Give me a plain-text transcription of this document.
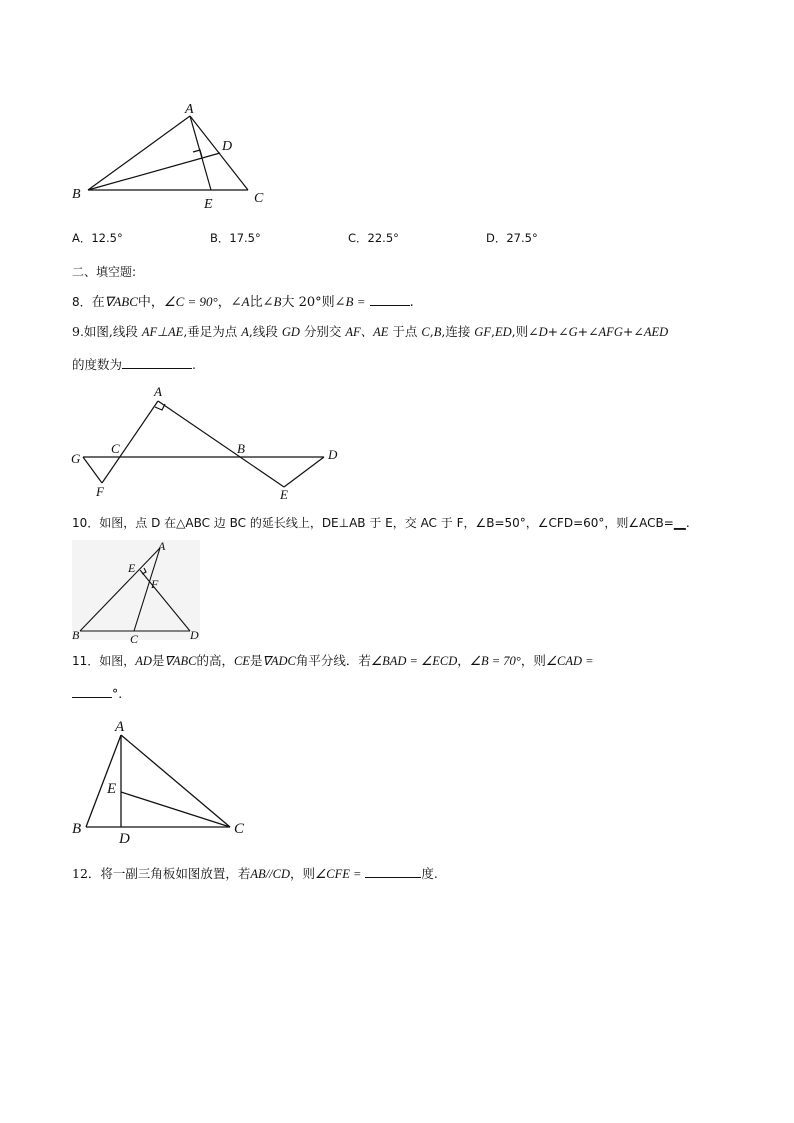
A
B	C
D
E
A．12.5°	B．17.5°	C．22.5°	D．27.5°
二、填空题:
8．在∇ABC中，∠C = 90°，∠A比∠B大 20°则∠B =	.
9.如图,线段 AF⊥AE,垂足为点 A,线段 GD 分别交 AF、AE 于点 C,B,连接 GF,ED,则∠D+∠G+∠AFG+∠AED
的度数为	.
A
B
C	D
E
F
G
10．如图，点 D 在△ABC 边 BC 的延长线上，DE⊥AB 于 E，交 AC 于 F，∠B=50°，∠CFD=60°，则∠ACB=__.
A
B	C	D
E
F
11．如图，AD是∇ABC的高，CE是∇ADC角平分线．若∠BAD = ∠ECD，∠B = 70°，则∠CAD =
°.
A
B	C
D
E
12．将一副三角板如图放置，若AB//CD，则∠CFE =	度.
